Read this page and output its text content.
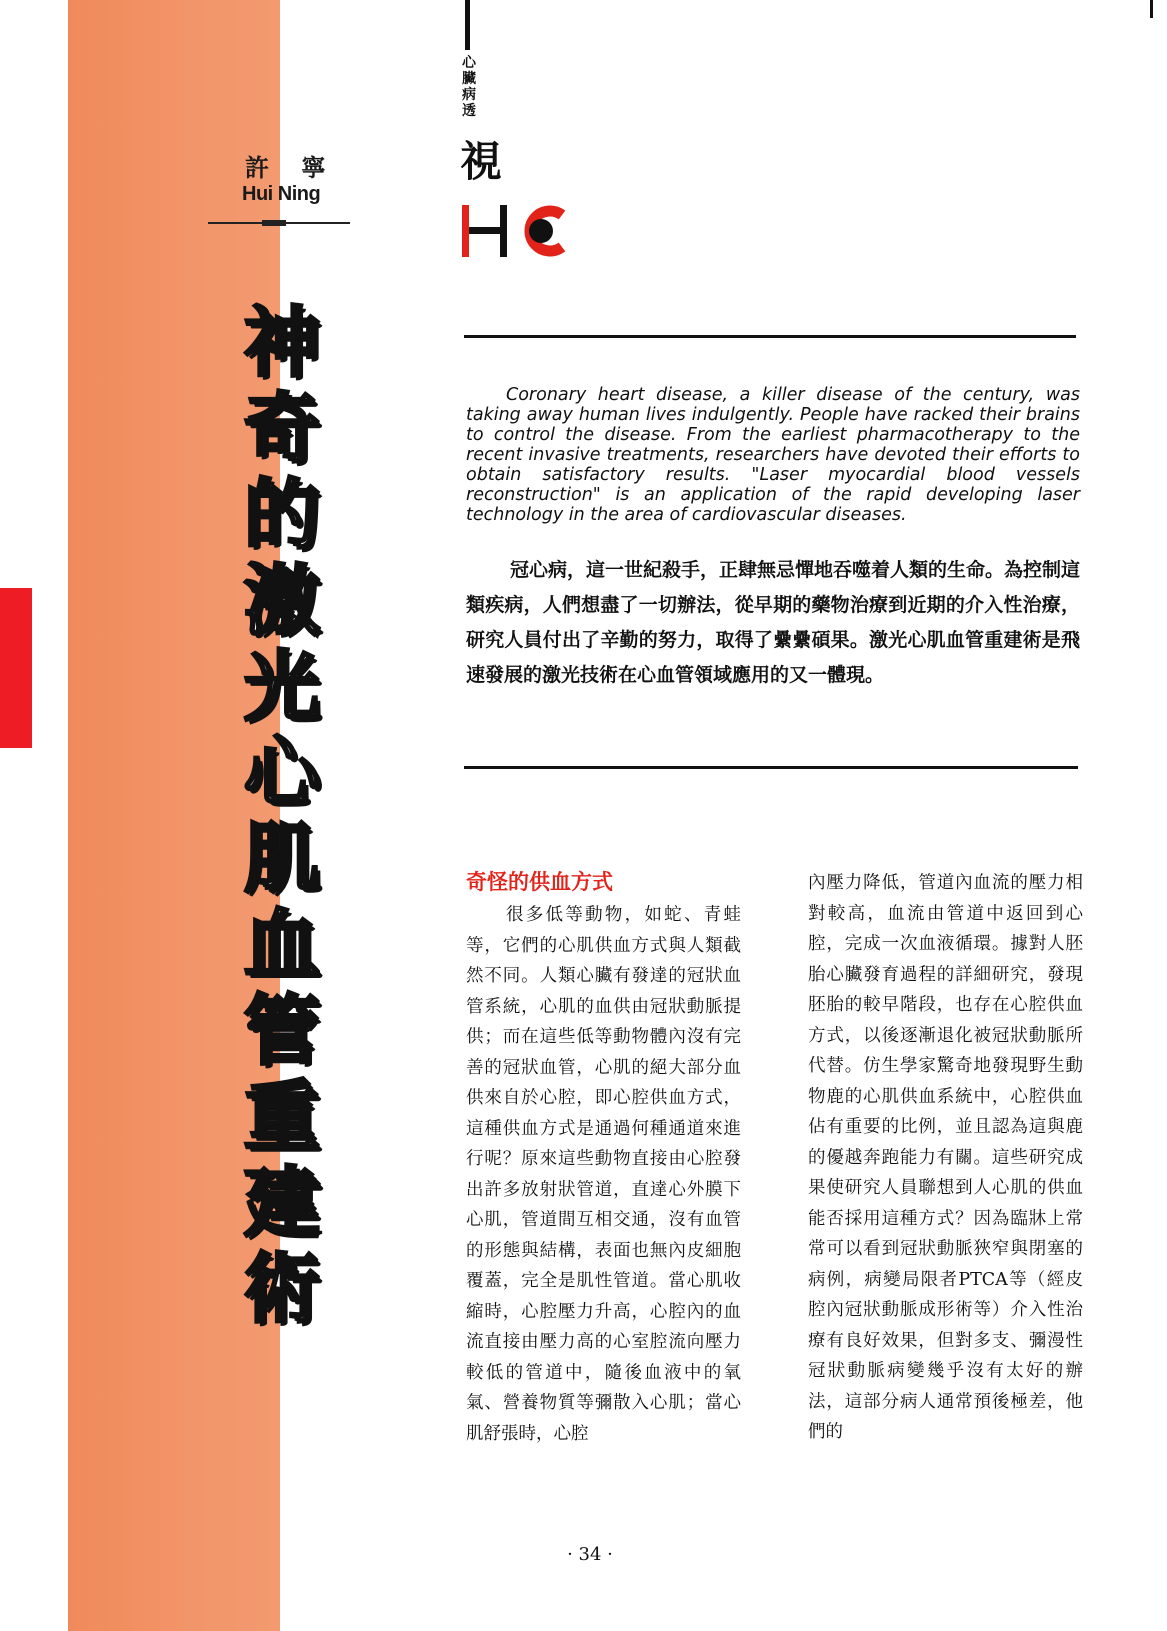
許 寧
Hui Ning
神
奇
的
激
光
心
肌
血
管
重
建
術
心
臟
病
透
視
Coronary heart disease, a killer disease of the century, was taking away human lives indulgently. People have racked their brains to control the disease. From the earliest pharmacotherapy to the recent invasive treatments, researchers have devoted their efforts to obtain satisfactory results. "Laser myocardial blood vessels reconstruction" is an application of the rapid developing laser technology in the area of cardiovascular diseases.
冠心病，這一世紀殺手，正肆無忌憚地吞噬着人類的生命。為控制這類疾病，人們想盡了一切辦法，從早期的藥物治療到近期的介入性治療，研究人員付出了辛勤的努力，取得了纍纍碩果。激光心肌血管重建術是飛速發展的激光技術在心血管領域應用的又一體現。
奇怪的供血方式
很多低等動物，如蛇、青蛙等，它們的心肌供血方式與人類截然不同。人類心臟有發達的冠狀血管系統，心肌的血供由冠狀動脈提供；而在這些低等動物體內沒有完善的冠狀血管，心肌的絕大部分血供來自於心腔，即心腔供血方式，這種供血方式是通過何種通道來進行呢？原來這些動物直接由心腔發出許多放射狀管道，直達心外膜下心肌，管道間互相交通，沒有血管的形態與結構，表面也無內皮細胞覆蓋，完全是肌性管道。當心肌收縮時，心腔壓力升高，心腔內的血流直接由壓力高的心室腔流向壓力較低的管道中，隨後血液中的氧氣、營養物質等彌散入心肌；當心肌舒張時，心腔
內壓力降低，管道內血流的壓力相對較高，血流由管道中返回到心腔，完成一次血液循環。據對人胚胎心臟發育過程的詳細研究，發現胚胎的較早階段，也存在心腔供血方式，以後逐漸退化被冠狀動脈所代替。仿生學家驚奇地發現野生動物鹿的心肌供血系統中，心腔供血佔有重要的比例，並且認為這與鹿的優越奔跑能力有關。這些研究成果使研究人員聯想到人心肌的供血能否採用這種方式？因為臨牀上常常可以看到冠狀動脈狹窄與閉塞的病例，病變局限者PTCA等（經皮腔內冠狀動脈成形術等）介入性治療有良好效果，但對多支、彌漫性冠狀動脈病變幾乎沒有太好的辦法，這部分病人通常預後極差，他們的
· 34 ·
